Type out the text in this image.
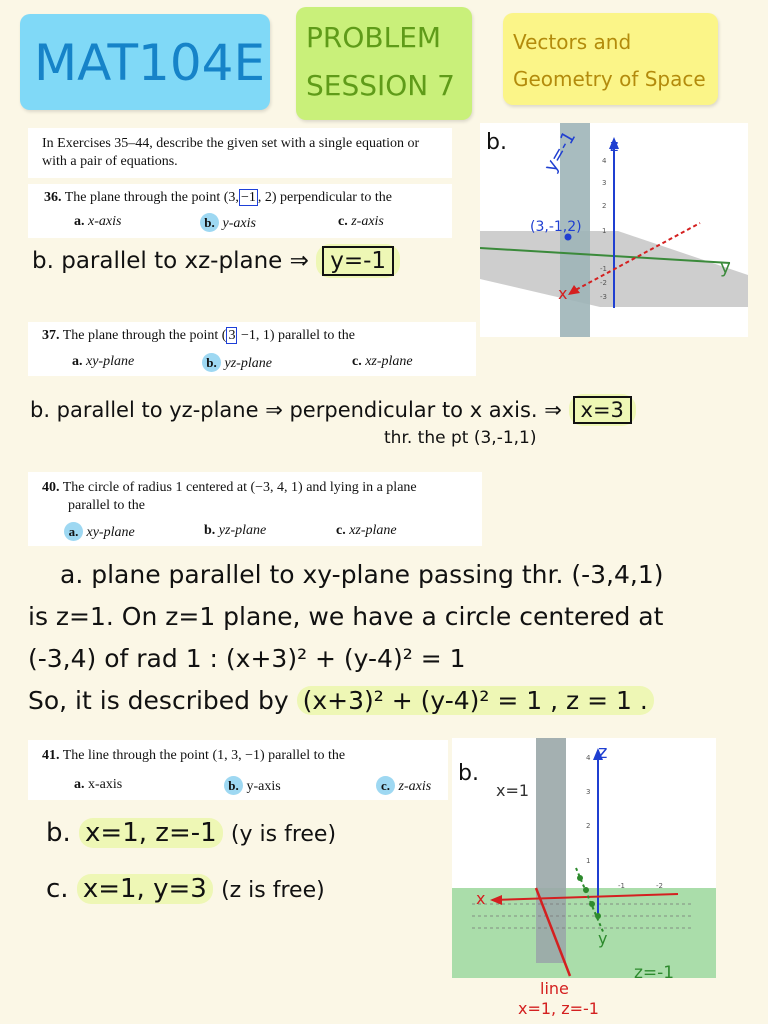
MAT104E PROBLEM
SESSION 7
Vectors and
Geometry of Space
In Exercises 35–44, describe the given set with a single equation or
with a pair of equations.
36. The plane through the point (3, −1 , 2) perpendicular to the
a. x-axis	b. y-axis	c. z-axis
b. parallel to xz-plane ⇒ y=-1
b.
1
2
3
4
-1
-2
-3
(3,-1,2)
y=-1 z
x
y
37. The plane through the point ( 3 −1, 1) parallel to the
a. xy-plane	b. yz-plane	c. xz-plane
b. parallel to yz-plane ⇒ perpendicular to x axis. ⇒ x=3
thr. the pt (3,-1,1)
40. The circle of radius 1 centered at (−3, 4, 1) and lying in a plane
parallel to the
a. xy-plane	b. yz-plane	c. xz-plane
a. plane parallel to xy-plane passing thr. (-3,4,1)
is z=1. On z=1 plane, we have a circle centered at
(-3,4) of rad 1 : (x+3)² + (y-4)² = 1
So, it is described by (x+3)² + (y-4)² = 1 , z = 1 .
41. The line through the point (1, 3, −1) parallel to the
a. x-axis	b. y-axis	c. z-axis
b. x=1, z=-1 (y is free)
c. x=1, y=3 (z is free)
4
3
2
1
-1	-2
b.
x=1
z
x
y
z=-1
line
x=1, z=-1
